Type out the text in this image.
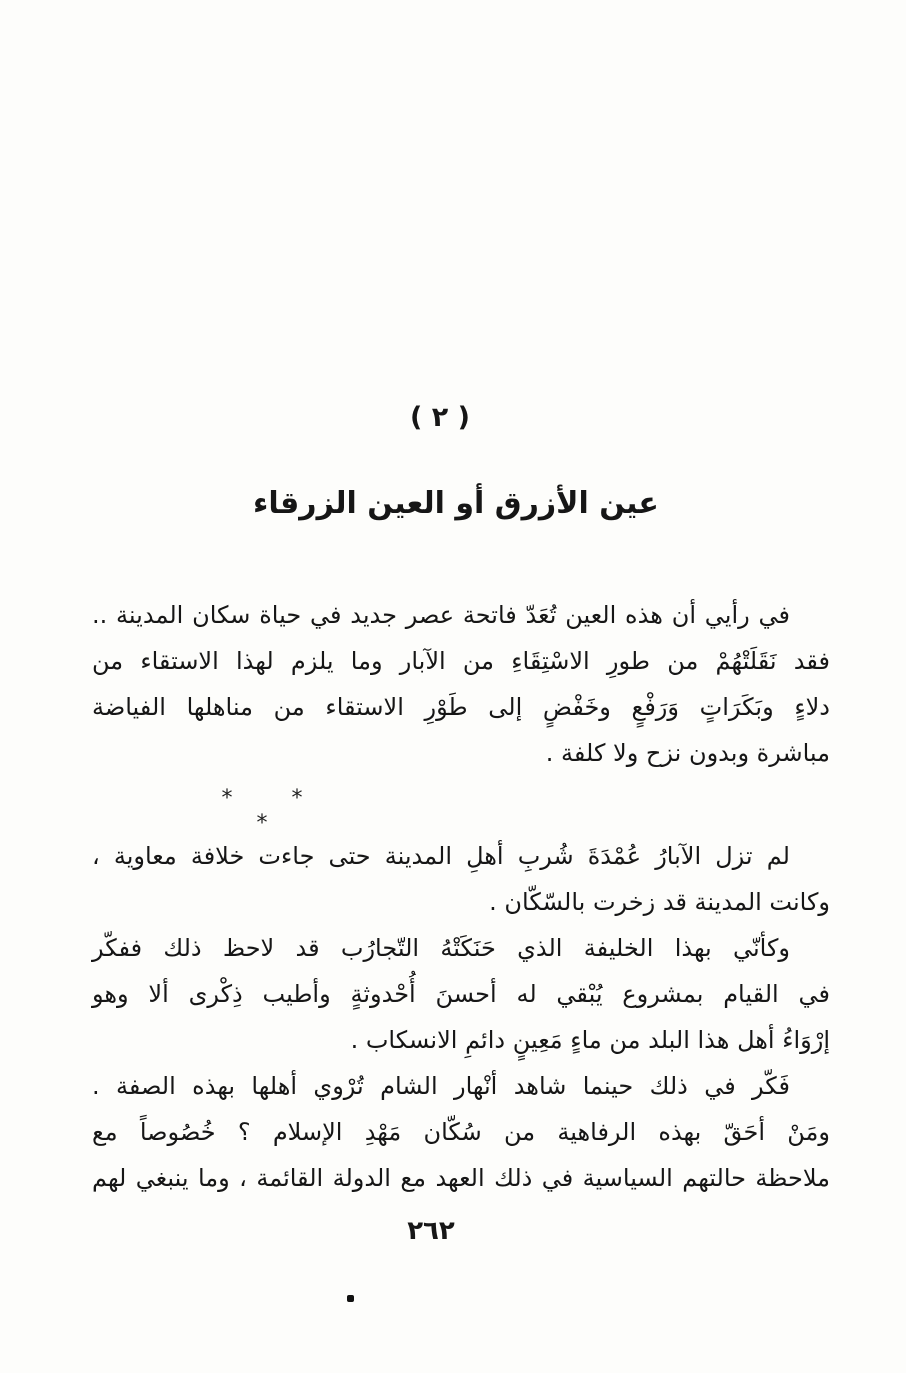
( ٢ )
عين الأزرق أو العين الزرقاء
في رأيي أن هذه العين تُعَدّ فاتحة عصر جديد في حياة سكان المدينة ..
فقد نَقَلَتْهُمْ من طورِ الاسْتِقَاءِ من الآبار وما يلزم لهذا الاستقاء من
دلاءٍ وبَكَرَاتٍ وَرَفْعٍ وخَفْضٍ إلى طَوْرِ الاستقاء من مناهلها الفياضة
مباشرة وبدون نزح ولا كلفة .
* * *
لم تزل الآبارُ عُمْدَةَ شُربِ أهلِ المدينة حتى جاءت خلافة معاوية ،
وكانت المدينة قد زخرت بالسّكّان .
وكأنّي بهذا الخليفة الذي حَنَكَتْهُ التّجارُب قد لاحظ ذلك ففكّر
في القيام بمشروع يُبْقي له أحسنَ أُحْدوثةٍ وأطيب ذِكْرى ألا وهو
إرْوَاءُ أهل هذا البلد من ماءٍ مَعِينٍ دائمِ الانسكاب .
فَكّر في ذلك حينما شاهد أنْهار الشام تُرْوي أهلها بهذه الصفة .
ومَنْ أحَقّ بهذه الرفاهية من سُكّان مَهْدِ الإسلام ؟ خُصُوصاً مع
ملاحظة حالتهم السياسية في ذلك العهد مع الدولة القائمة ، وما ينبغي لهم
٢٦٢
